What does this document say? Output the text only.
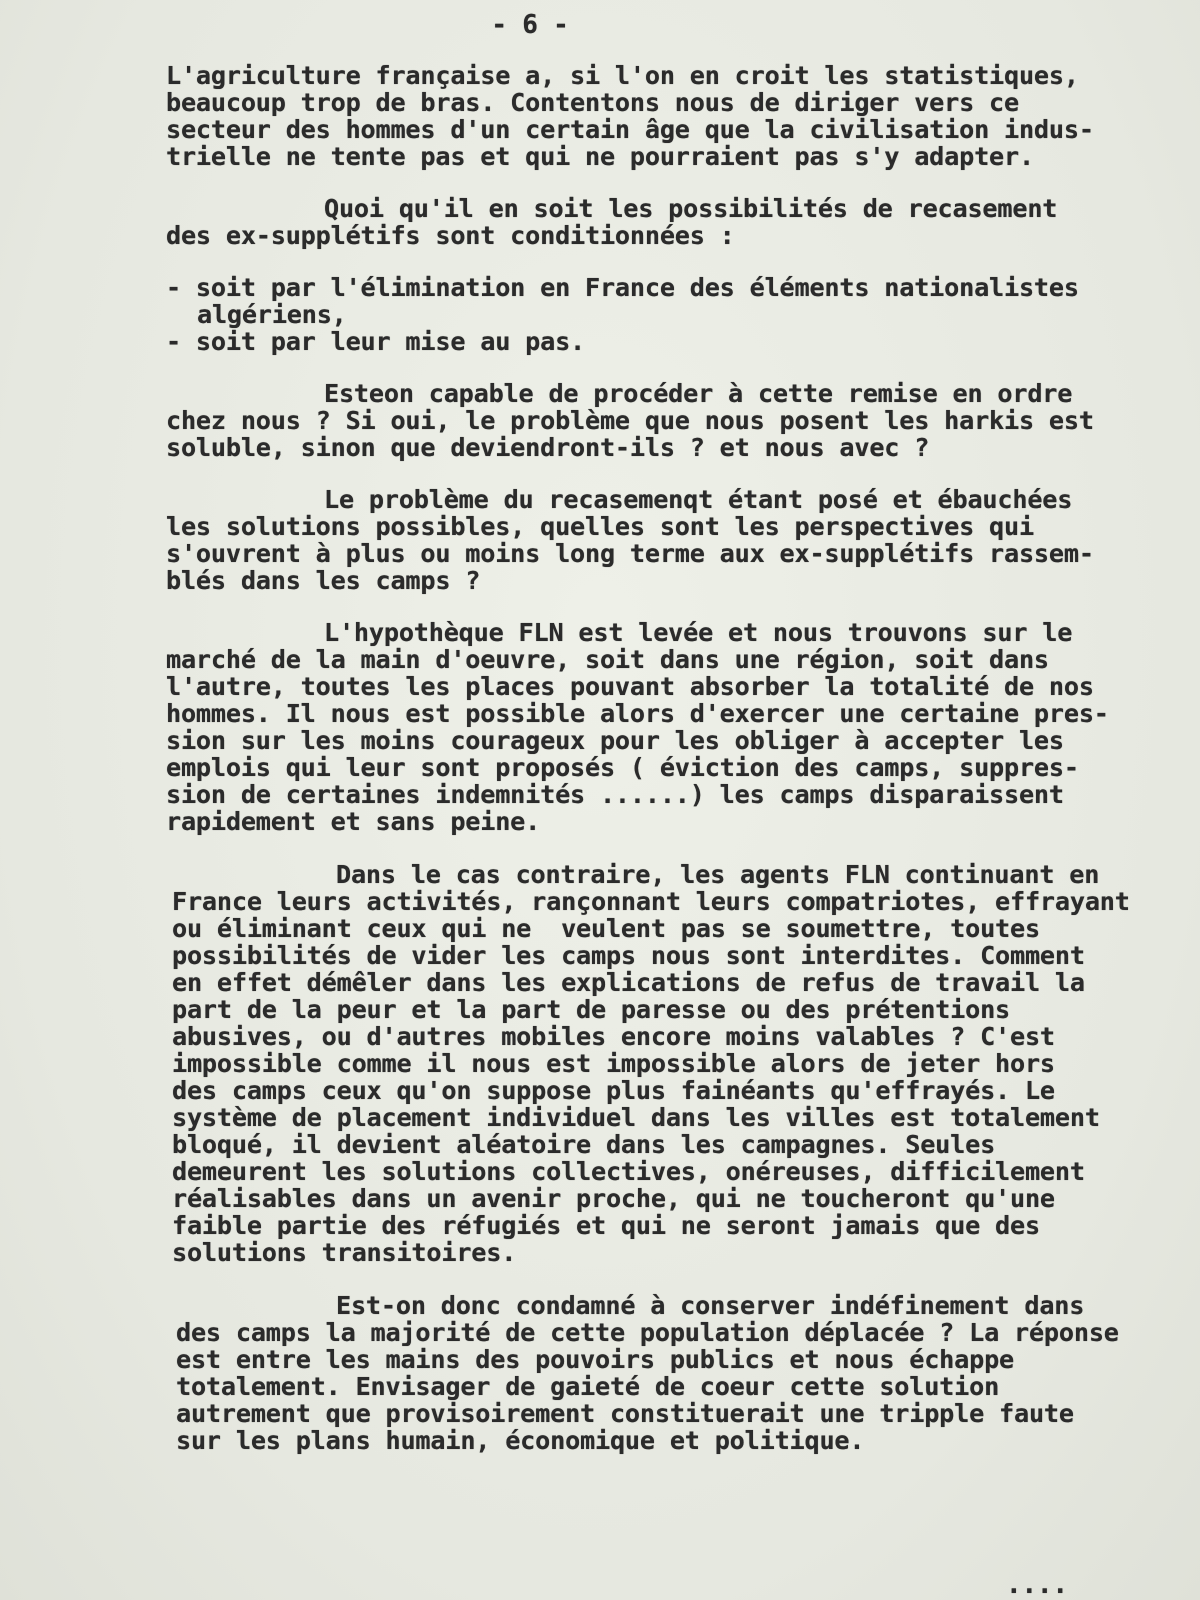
- 6 -
L'agriculture française a, si l'on en croit les statistiques,
beaucoup trop de bras. Contentons nous de diriger vers ce
secteur des hommes d'un certain âge que la civilisation indus-
trielle ne tente pas et qui ne pourraient pas s'y adapter.
Quoi qu'il en soit les possibilités de recasement
des ex-supplétifs sont conditionnées :
- soit par l'élimination en France des éléments nationalistes
algériens,
- soit par leur mise au pas.
Esteon capable de procéder à cette remise en ordre
chez nous ? Si oui, le problème que nous posent les harkis est
soluble, sinon que deviendront-ils ? et nous avec ?
Le problème du recasemenqt étant posé et ébauchées
les solutions possibles, quelles sont les perspectives qui
s'ouvrent à plus ou moins long terme aux ex-supplétifs rassem-
blés dans les camps ?
L'hypothèque FLN est levée et nous trouvons sur le
marché de la main d'oeuvre, soit dans une région, soit dans
l'autre, toutes les places pouvant absorber la totalité de nos
hommes. Il nous est possible alors d'exercer une certaine pres-
sion sur les moins courageux pour les obliger à accepter les
emplois qui leur sont proposés ( éviction des camps, suppres-
sion de certaines indemnités ......) les camps disparaissent
rapidement et sans peine.
Dans le cas contraire, les agents FLN continuant en
France leurs activités, rançonnant leurs compatriotes, effrayant
ou éliminant ceux qui ne  veulent pas se soumettre, toutes
possibilités de vider les camps nous sont interdites. Comment
en effet démêler dans les explications de refus de travail la
part de la peur et la part de paresse ou des prétentions
abusives, ou d'autres mobiles encore moins valables ? C'est
impossible comme il nous est impossible alors de jeter hors
des camps ceux qu'on suppose plus fainéants qu'effrayés. Le
système de placement individuel dans les villes est totalement
bloqué, il devient aléatoire dans les campagnes. Seules
demeurent les solutions collectives, onéreuses, difficilement
réalisables dans un avenir proche, qui ne toucheront qu'une
faible partie des réfugiés et qui ne seront jamais que des
solutions transitoires.
Est-on donc condamné à conserver indéfinement dans
des camps la majorité de cette population déplacée ? La réponse
est entre les mains des pouvoirs publics et nous échappe
totalement. Envisager de gaieté de coeur cette solution
autrement que provisoirement constituerait une tripple faute
sur les plans humain, économique et politique.
....
